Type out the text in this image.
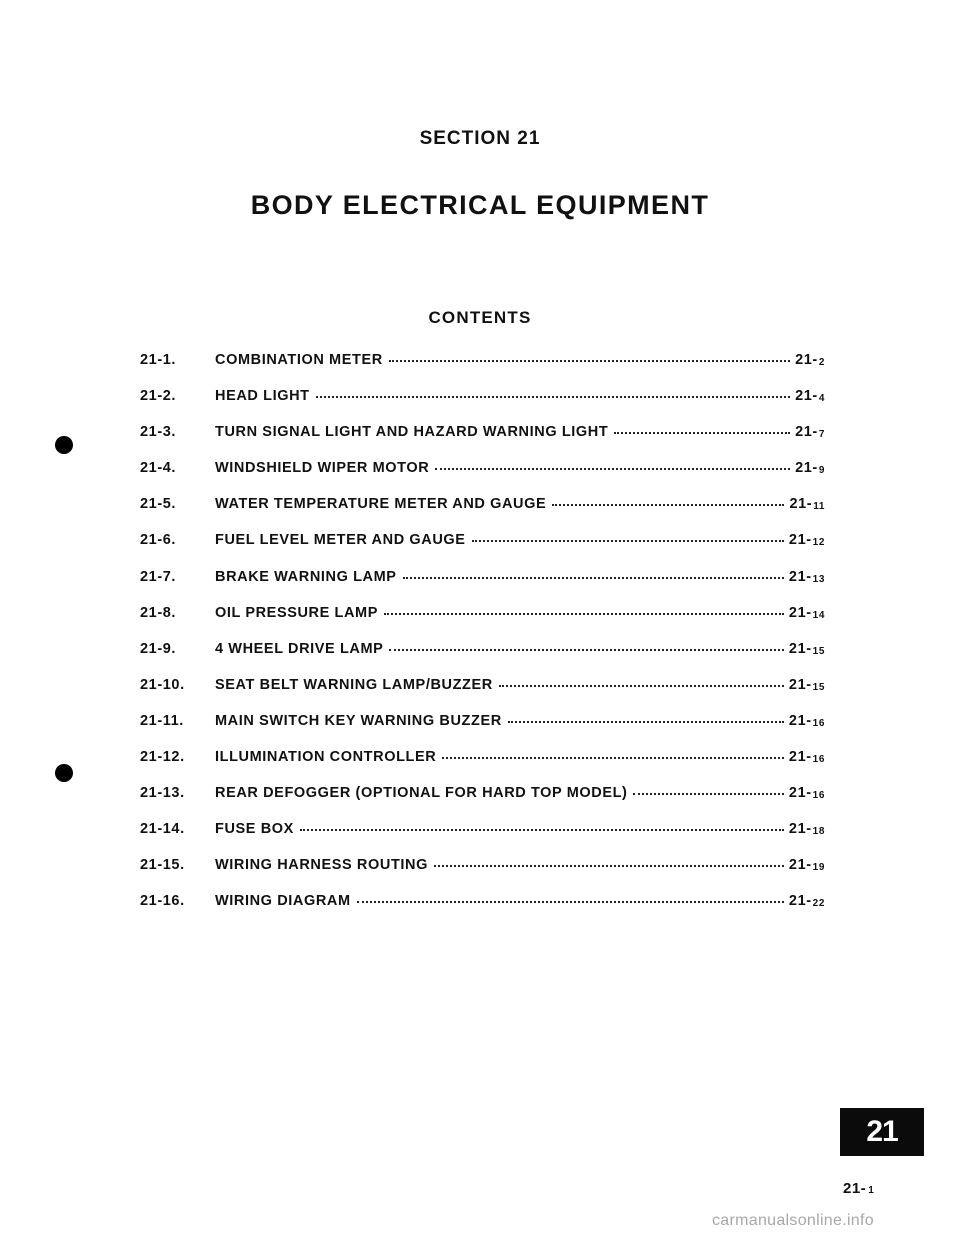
SECTION 21
BODY ELECTRICAL EQUIPMENT
CONTENTS
21-1.	COMBINATION METER	21-2
21-2.	HEAD LIGHT	21-4
21-3.	TURN SIGNAL LIGHT AND HAZARD WARNING LIGHT	21-7
21-4.	WINDSHIELD WIPER MOTOR	21-9
21-5.	WATER TEMPERATURE METER AND GAUGE	21-11
21-6.	FUEL LEVEL METER AND GAUGE	21-12
21-7.	BRAKE WARNING LAMP	21-13
21-8.	OIL PRESSURE LAMP	21-14
21-9.	4 WHEEL DRIVE LAMP	21-15
21-10.	SEAT BELT WARNING LAMP/BUZZER	21-15
21-11.	MAIN SWITCH KEY WARNING BUZZER	21-16
21-12.	ILLUMINATION CONTROLLER	21-16
21-13.	REAR DEFOGGER (OPTIONAL FOR HARD TOP MODEL)	21-16
21-14.	FUSE BOX	21-18
21-15.	WIRING HARNESS ROUTING	21-19
21-16.	WIRING DIAGRAM	21-22
21
21- 1
carmanualsonline.info
